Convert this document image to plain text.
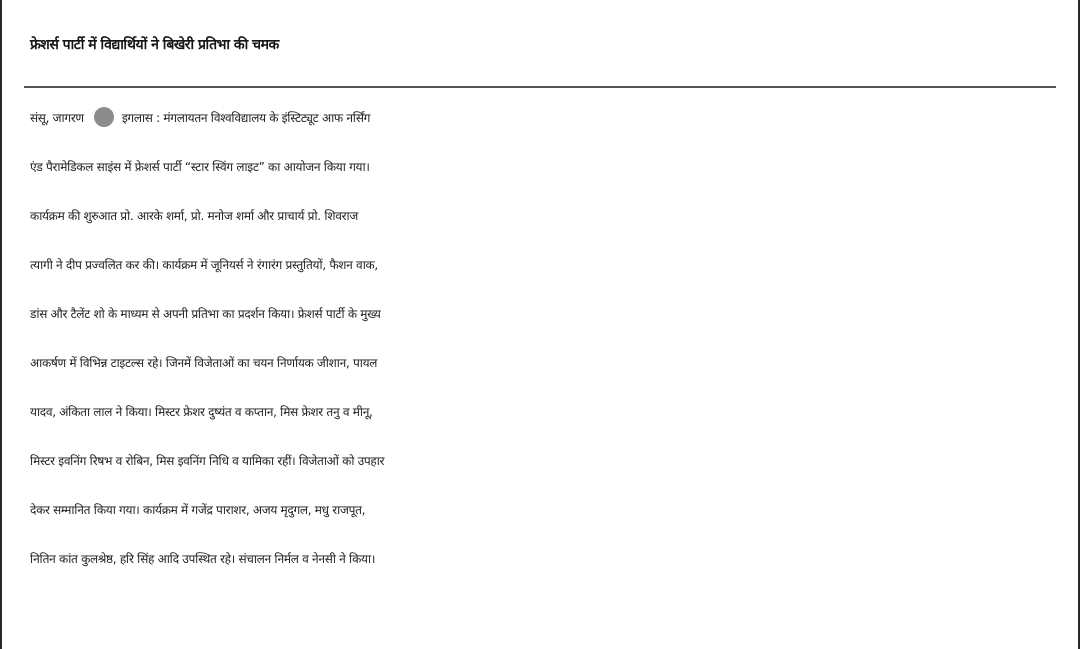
फ्रेशर्स पार्टी में विद्यार्थियों ने बिखेरी प्रतिभा की चमक
संसू, जागरण	इगलास : मंगलायतन विश्वविद्यालय के इंस्टिट्यूट आफ नर्सिंग
एंड पैरामेडिकल साइंस में फ्रेशर्स पार्टी “स्टार स्विंग लाइट” का आयोजन किया गया।
कार्यक्रम की शुरुआत प्रो. आरके शर्मा, प्रो. मनोज शर्मा और प्राचार्य प्रो. शिवराज
त्यागी ने दीप प्रज्वलित कर की। कार्यक्रम में जूनियर्स ने रंगारंग प्रस्तुतियों, फैशन वाक,
डांस और टैलेंट शो के माध्यम से अपनी प्रतिभा का प्रदर्शन किया। फ्रेशर्स पार्टी के मुख्य
आकर्षण में विभिन्न टाइटल्स रहे। जिनमें विजेताओं का चयन निर्णायक जीशान, पायल
यादव, अंकिता लाल ने किया। मिस्टर फ्रेशर दुष्यंत व कप्तान, मिस फ्रेशर तनु व मीनू,
मिस्टर इवनिंग रिषभ व रोबिन, मिस इवनिंग निधि व यामिका रहीं। विजेताओं को उपहार
देकर सम्मानित किया गया। कार्यक्रम में गजेंद्र पाराशर, अजय मृदुगल, मधु राजपूत,
नितिन कांत कुलश्रेष्ठ, हरि सिंह आदि उपस्थित रहे। संचालन निर्मल व नेनसी ने किया।
